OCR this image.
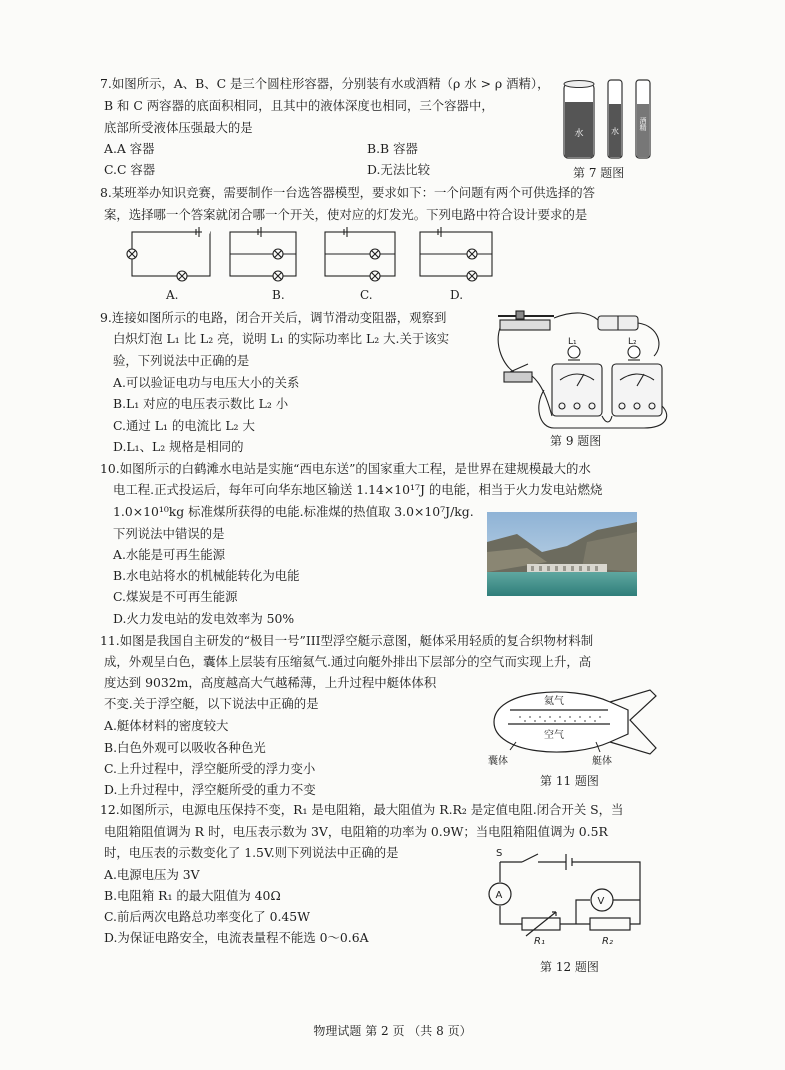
7.如图所示，A、B、C 是三个圆柱形容器，分别装有水或酒精（ρ 水 > ρ 酒精），
B 和 C 两容器的底面积相同，且其中的液体深度也相同，三个容器中，
底部所受液体压强最大的是
A.A 容器	B.B 容器
C.C 容器	D.无法比较
水	水
酒精
第 7 题图
8.某班举办知识竞赛，需要制作一台选答器模型，要求如下：一个问题有两个可供选择的答
案，选择哪一个答案就闭合哪一个开关，使对应的灯发光。下列电路中符合设计要求的是
A.	B.	C.	D.
9.连接如图所示的电路，闭合开关后，调节滑动变阻器，观察到
白炽灯泡 L₁ 比 L₂ 亮，说明 L₁ 的实际功率比 L₂ 大.关于该实
验，下列说法中正确的是
A.可以验证电功与电压大小的关系
B.L₁ 对应的电压表示数比 L₂ 小
C.通过 L₁ 的电流比 L₂ 大
D.L₁、L₂ 规格是相同的
L₁	L₂
第 9 题图
10.如图所示的白鹤滩水电站是实施“西电东送”的国家重大工程，是世界在建规模最大的水
电工程.正式投运后，每年可向华东地区输送 1.14×10¹⁷J 的电能，相当于火力发电站燃烧
1.0×10¹⁰kg 标准煤所获得的电能.标准煤的热值取 3.0×10⁷J/kg.
下列说法中错误的是
A.水能是可再生能源
B.水电站将水的机械能转化为电能
C.煤炭是不可再生能源
D.火力发电站的发电效率为 50%
11.如图是我国自主研发的“极目一号”III型浮空艇示意图，艇体采用轻质的复合织物材料制
成，外观呈白色，囊体上层装有压缩氦气.通过向艇外排出下层部分的空气而实现上升，高
度达到 9032m，高度越高大气越稀薄，上升过程中艇体体积
不变.关于浮空艇，以下说法中正确的是
A.艇体材料的密度较大
B.白色外观可以吸收各种色光
C.上升过程中，浮空艇所受的浮力变小
D.上升过程中，浮空艇所受的重力不变
氦气
空气
囊体	艇体
第 11 题图
12.如图所示，电源电压保持不变，R₁ 是电阻箱，最大阻值为 R.R₂ 是定值电阻.闭合开关 S，当
电阻箱阻值调为 R 时，电压表示数为 3V，电阻箱的功率为 0.9W；当电阻箱阻值调为 0.5R
时，电压表的示数变化了 1.5V.则下列说法中正确的是
A.电源电压为 3V
B.电阻箱 R₁ 的最大阻值为 40Ω
C.前后两次电路总功率变化了 0.45W
D.为保证电路安全，电流表量程不能选 0～0.6A
S
A
V
R₁	R₂
第 12 题图
物理试题 第 2 页 （共 8 页）
